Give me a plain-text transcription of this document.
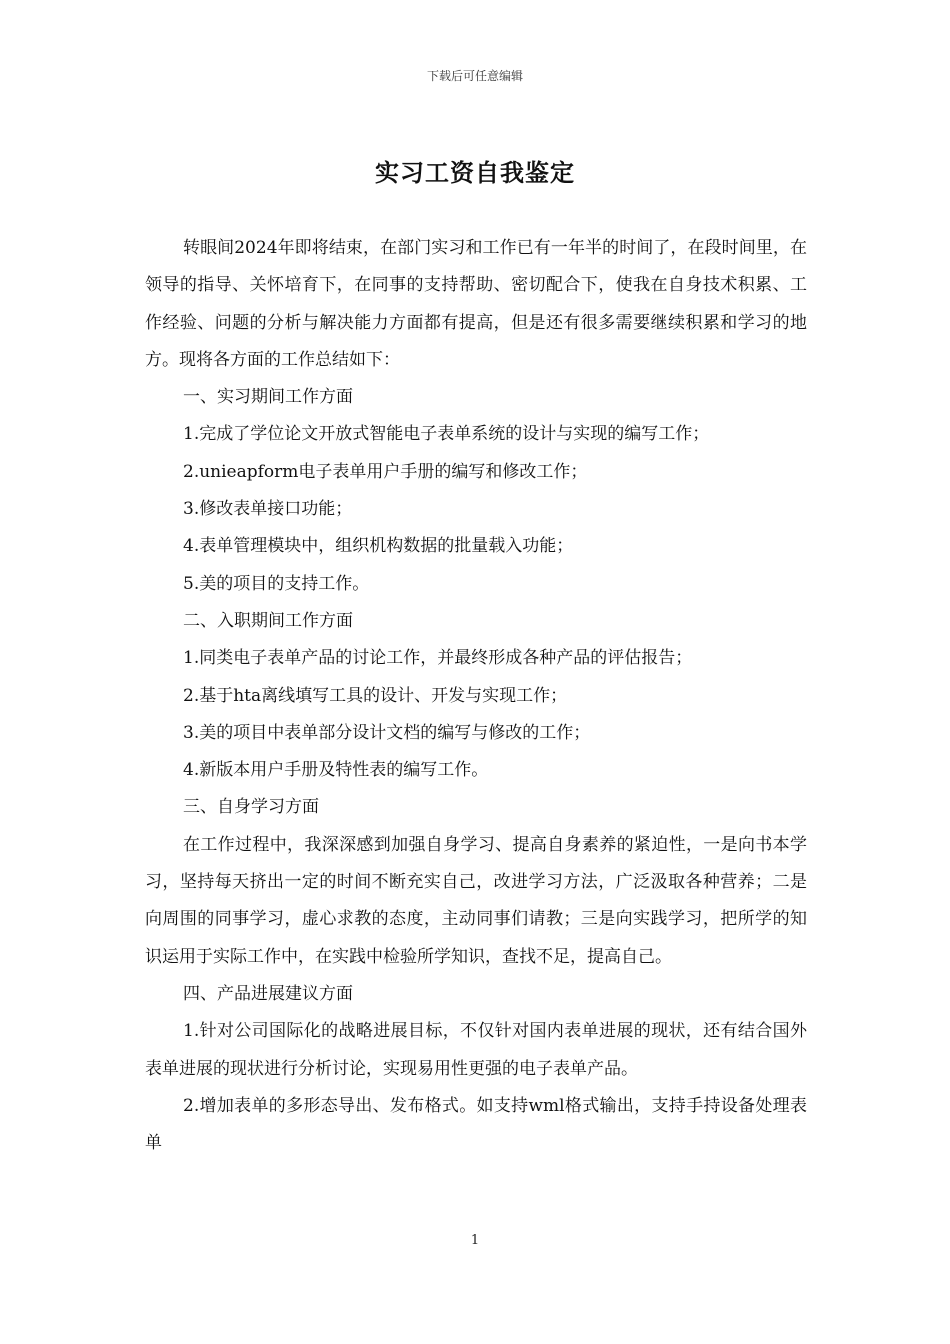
下载后可任意编辑
实习工资自我鉴定

转眼间2024年即将结束，在部门实习和工作已有一年半的时间了，在段时间里，在领导的指导、关怀培育下，在同事的支持帮助、密切配合下，使我在自身技术积累、工作经验、问题的分析与解决能力方面都有提高，但是还有很多需要继续积累和学习的地方。现将各方面的工作总结如下：

一、实习期间工作方面

1.完成了学位论文开放式智能电子表单系统的设计与实现的编写工作；

2.unieapform电子表单用户手册的编写和修改工作；

3.修改表单接口功能；

4.表单管理模块中，组织机构数据的批量载入功能；

5.美的项目的支持工作。

二、入职期间工作方面

1.同类电子表单产品的讨论工作，并最终形成各种产品的评估报告；

2.基于hta离线填写工具的设计、开发与实现工作；

3.美的项目中表单部分设计文档的编写与修改的工作；

4.新版本用户手册及特性表的编写工作。

三、自身学习方面

在工作过程中，我深深感到加强自身学习、提高自身素养的紧迫性，一是向书本学习，坚持每天挤出一定的时间不断充实自己，改进学习方法，广泛汲取各种营养；二是向周围的同事学习，虚心求教的态度，主动同事们请教；三是向实践学习，把所学的知识运用于实际工作中，在实践中检验所学知识，查找不足，提高自己。

四、产品进展建议方面

1.针对公司国际化的战略进展目标，不仅针对国内表单进展的现状，还有结合国外表单进展的现状进行分析讨论，实现易用性更强的电子表单产品。

2.增加表单的多形态导出、发布格式。如支持wml格式输出，支持手持设备处理表单

1
